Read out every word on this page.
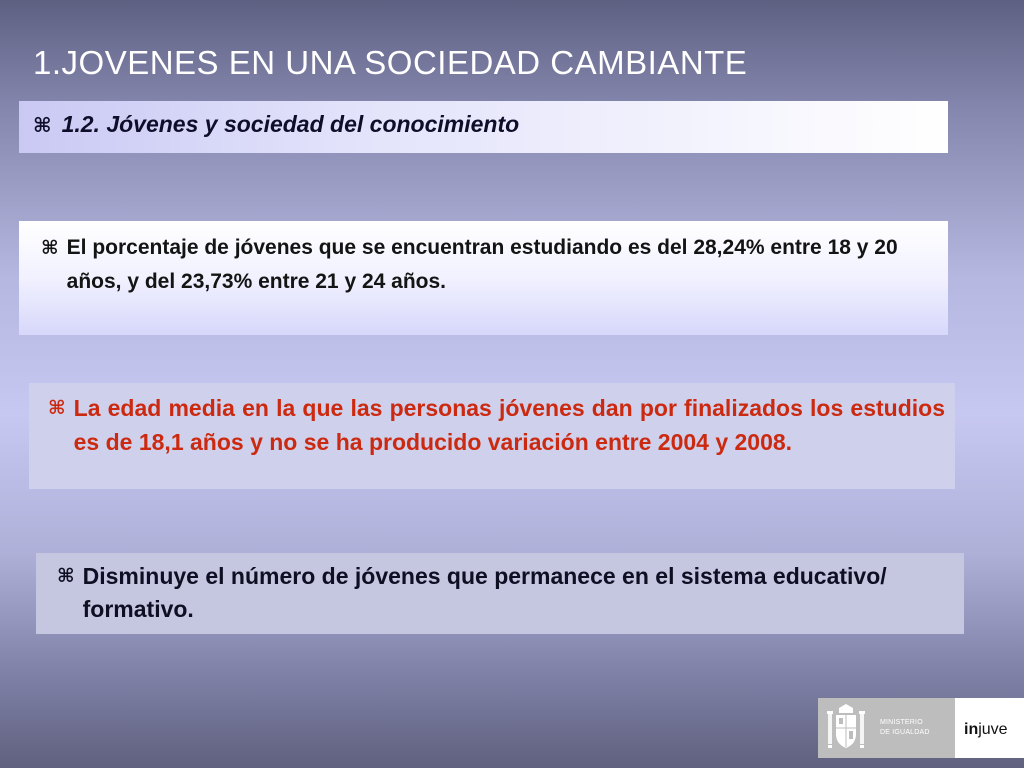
1.JOVENES EN UNA SOCIEDAD CAMBIANTE
⌘ 1.2. Jóvenes y sociedad del conocimiento
⌘ El porcentaje de jóvenes que se encuentran estudiando es del 28,24% entre 18 y 20 años, y del 23,73% entre 21 y 24 años.
⌘ La edad media en la que las personas jóvenes dan por finalizados los estudios es de 18,1 años y no se ha producido variación entre 2004 y 2008.
⌘ Disminuye el número de jóvenes que permanece en el sistema educativo/ formativo.
MINISTERIO
DE IGUALDAD injuve
